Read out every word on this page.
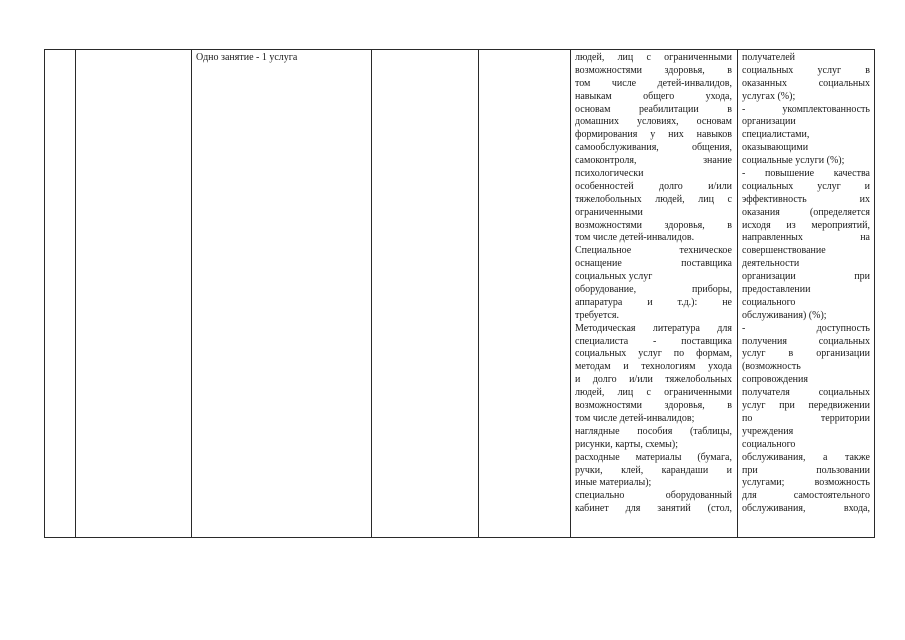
Одно занятие - 1 услуга	людей, лиц с ограниченными
возможностями здоровья, в
том числе детей-инвалидов,
навыкам общего ухода,
основам реабилитации в
домашних условиях, основам
формирования у них навыков
самообслуживания, общения,
самоконтроля, знание
психологически
особенностей долго и/или
тяжелобольных людей, лиц с
ограниченными
возможностями здоровья, в
том числе детей-инвалидов.
Специальное техническое
оснащение поставщика
социальных услуг
оборудование, приборы,
аппаратура и т.д.): не
требуется.
Методическая литература для
специалиста - поставщика
социальных услуг по формам,
методам и технологиям ухода
и долго и/или тяжелобольных
людей, лиц с ограниченными
возможностями здоровья, в
том числе детей-инвалидов;
наглядные пособия (таблицы,
рисунки, карты, схемы);
расходные материалы (бумага,
ручки, клей, карандаши и
иные материалы);
специально оборудованный
кабинет для занятий (стол,
получателей
социальных услуг в
оказанных социальных
услугах (%);
- укомплектованность
организации
специалистами,
оказывающими
социальные услуги (%);
- повышение качества
социальных услуг и
эффективность их
оказания (определяется
исходя из мероприятий,
направленных на
совершенствование
деятельности
организации при
предоставлении
социального
обслуживания) (%);
- доступность
получения социальных
услуг в организации
(возможность
сопровождения
получателя социальных
услуг при передвижении
по территории
учреждения
социального
обслуживания, а также
при пользовании
услугами; возможность
для самостоятельного
обслуживания, входа,
